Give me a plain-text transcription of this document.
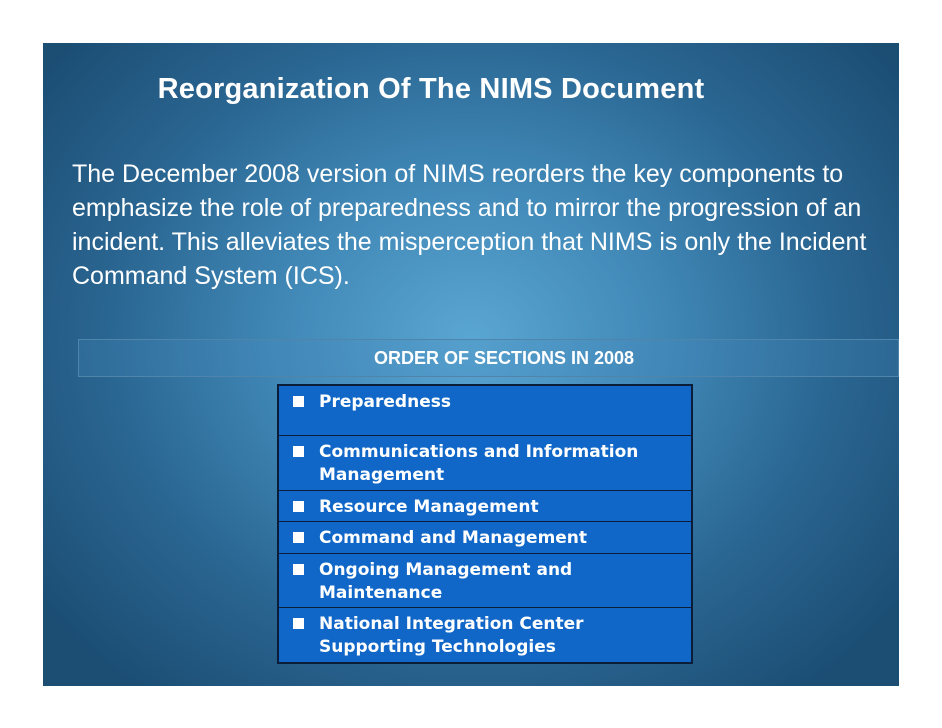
Reorganization Of The NIMS Document
The December 2008 version of NIMS reorders the key components to emphasize the role of preparedness and to mirror the progression of an incident. This alleviates the misperception that NIMS is only the Incident Command System (ICS).
ORDER OF SECTIONS IN 2008
Preparedness
Communications and Information Management
Resource Management
Command and Management
Ongoing Management and Maintenance
National Integration Center Supporting Technologies
